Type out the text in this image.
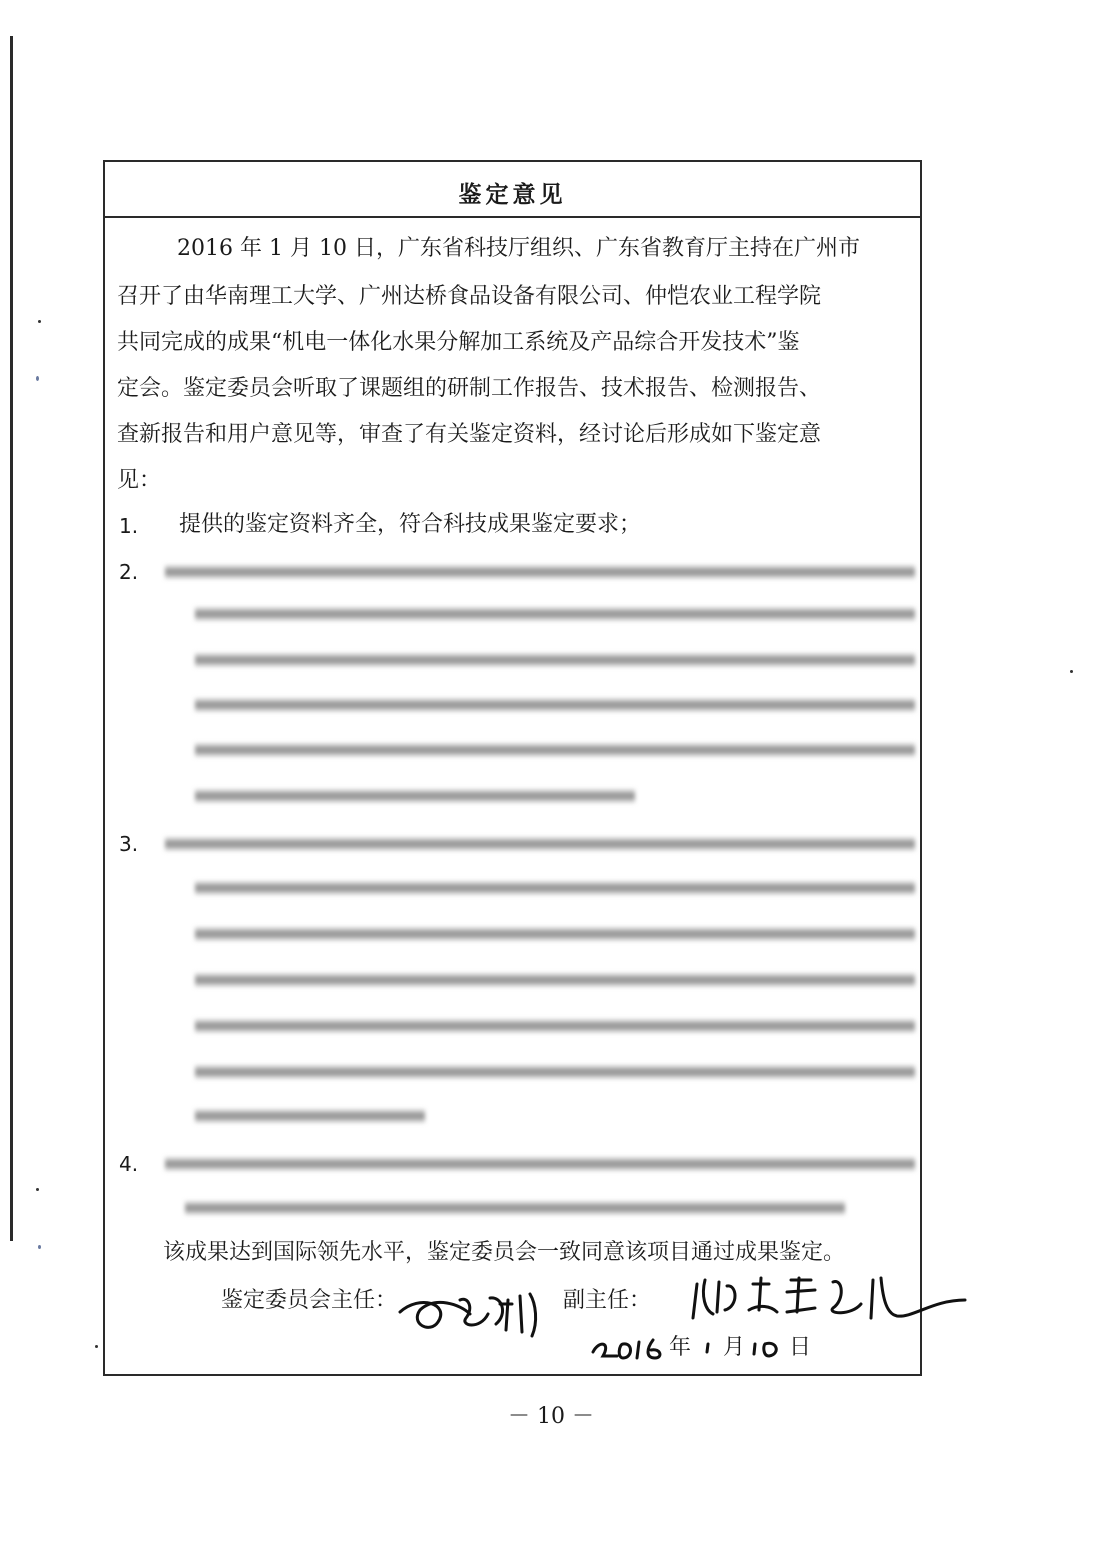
鉴定意见
2016 年 1 月 10 日，广东省科技厅组织、广东省教育厅主持在广州市
召开了由华南理工大学、广州达桥食品设备有限公司、仲恺农业工程学院
共同完成的成果“机电一体化水果分解加工系统及产品综合开发技术”鉴
定会。鉴定委员会听取了课题组的研制工作报告、技术报告、检测报告、
查新报告和用户意见等，审查了有关鉴定资料，经讨论后形成如下鉴定意
见：
1. 提供的鉴定资料齐全，符合科技成果鉴定要求；
2.
3.
4.
该成果达到国际领先水平，鉴定委员会一致同意该项目通过成果鉴定。
鉴定委员会主任：	副主任：
年 月 日
－ 10 －
